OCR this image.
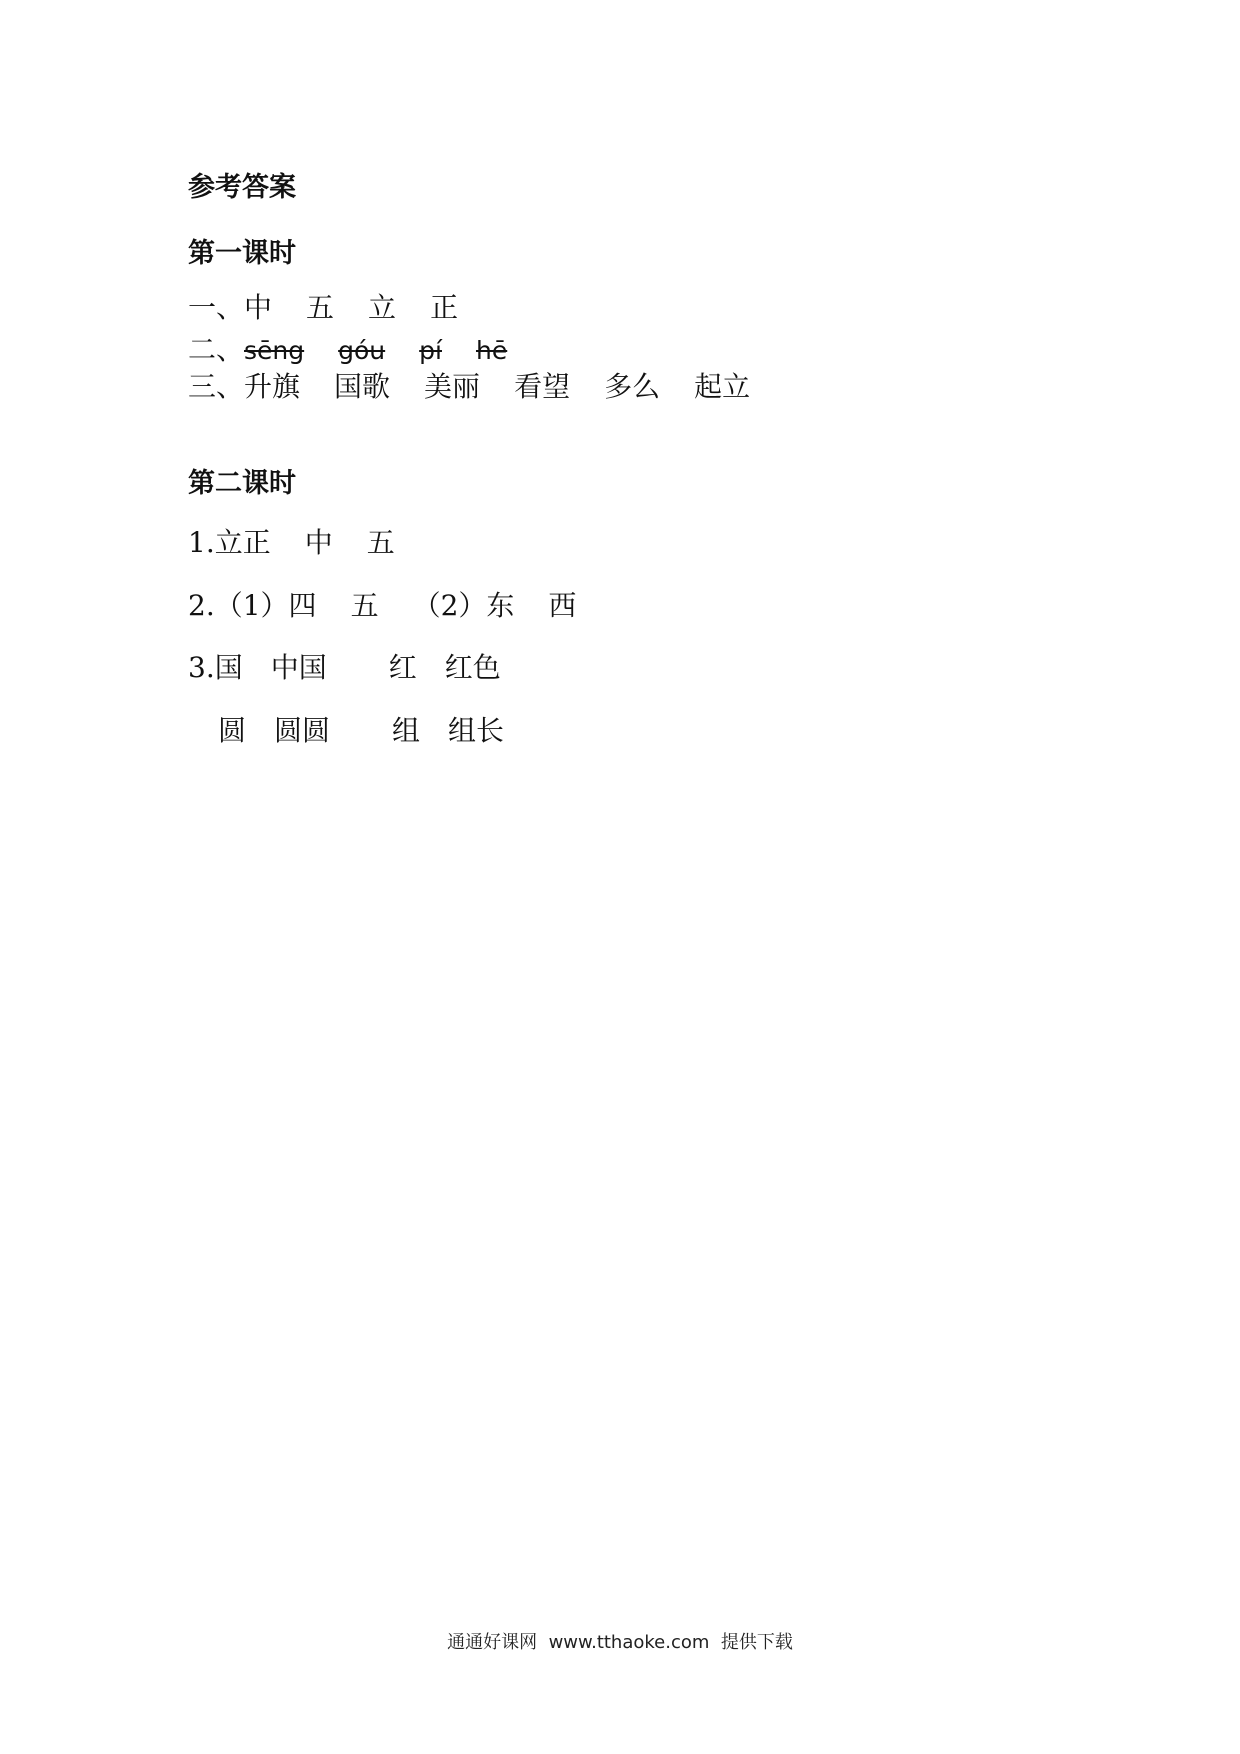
参考答案
第一课时
一、中 五 立 正
二、sēng góu pí hē
三、升旗 国歌 美丽 看望 多么 起立
第二课时
1.立正 中 五
2.（1）四 五 （2）东 西
3.国 中国 红 红色
圆 圆圆 组 组长
通通好课网 www.tthaoke.com 提供下载
